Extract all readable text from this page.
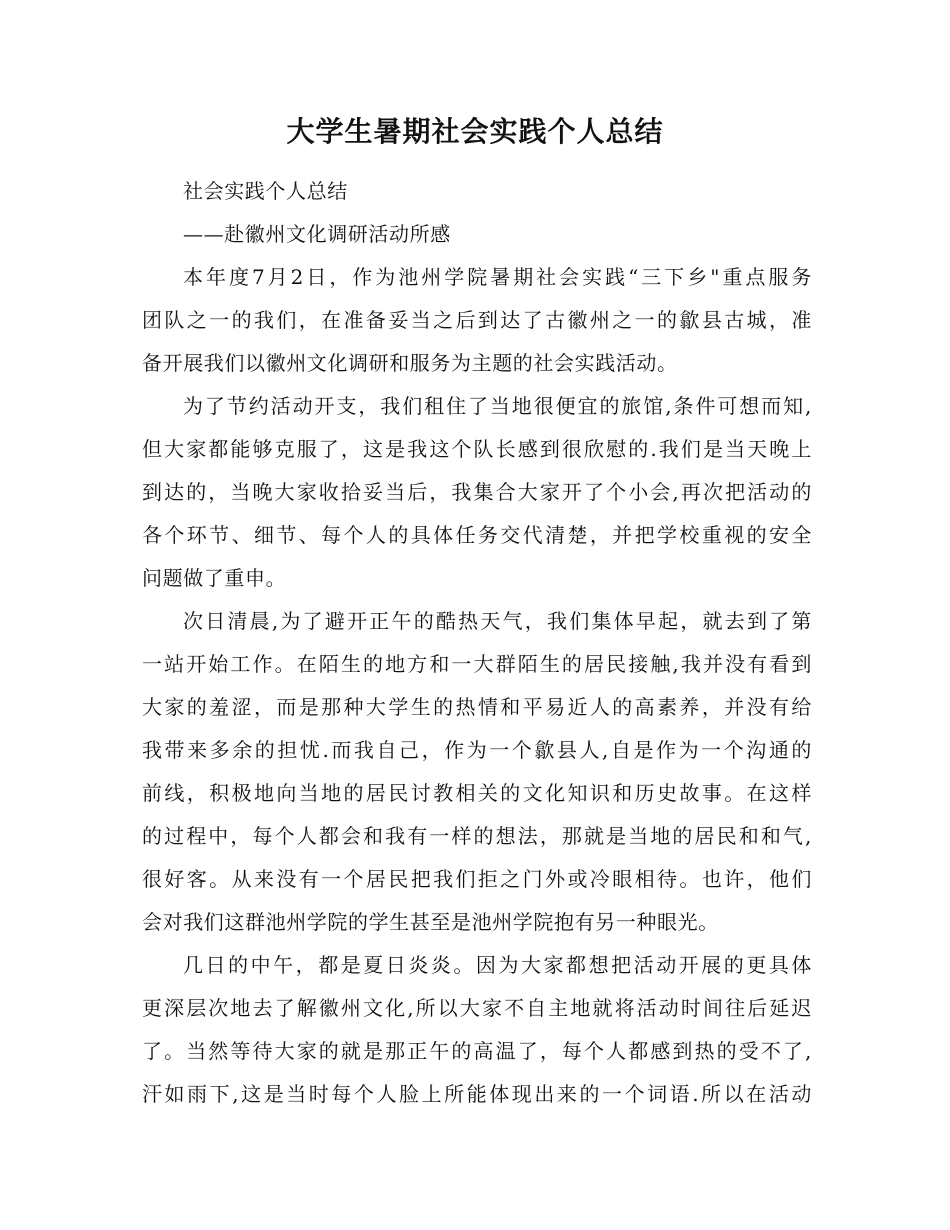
大学生暑期社会实践个人总结
社会实践个人总结
——赴徽州文化调研活动所感
本年度7月2日，作为池州学院暑期社会实践“三下乡"重点服务
团队之一的我们，在准备妥当之后到达了古徽州之一的歙县古城，准
备开展我们以徽州文化调研和服务为主题的社会实践活动。
为了节约活动开支，我们租住了当地很便宜的旅馆,条件可想而知,
但大家都能够克服了，这是我这个队长感到很欣慰的.我们是当天晚上
到达的，当晚大家收拾妥当后，我集合大家开了个小会,再次把活动的
各个环节、细节、每个人的具体任务交代清楚，并把学校重视的安全
问题做了重申。
次日清晨,为了避开正午的酷热天气，我们集体早起，就去到了第
一站开始工作。在陌生的地方和一大群陌生的居民接触,我并没有看到
大家的羞涩，而是那种大学生的热情和平易近人的高素养，并没有给
我带来多余的担忧.而我自己，作为一个歙县人,自是作为一个沟通的
前线，积极地向当地的居民讨教相关的文化知识和历史故事。在这样
的过程中，每个人都会和我有一样的想法，那就是当地的居民和和气,
很好客。从来没有一个居民把我们拒之门外或冷眼相待。也许，他们
会对我们这群池州学院的学生甚至是池州学院抱有另一种眼光。
几日的中午，都是夏日炎炎。因为大家都想把活动开展的更具体
更深层次地去了解徽州文化,所以大家不自主地就将活动时间往后延迟
了。当然等待大家的就是那正午的高温了，每个人都感到热的受不了,
汗如雨下,这是当时每个人脸上所能体现出来的一个词语.所以在活动
